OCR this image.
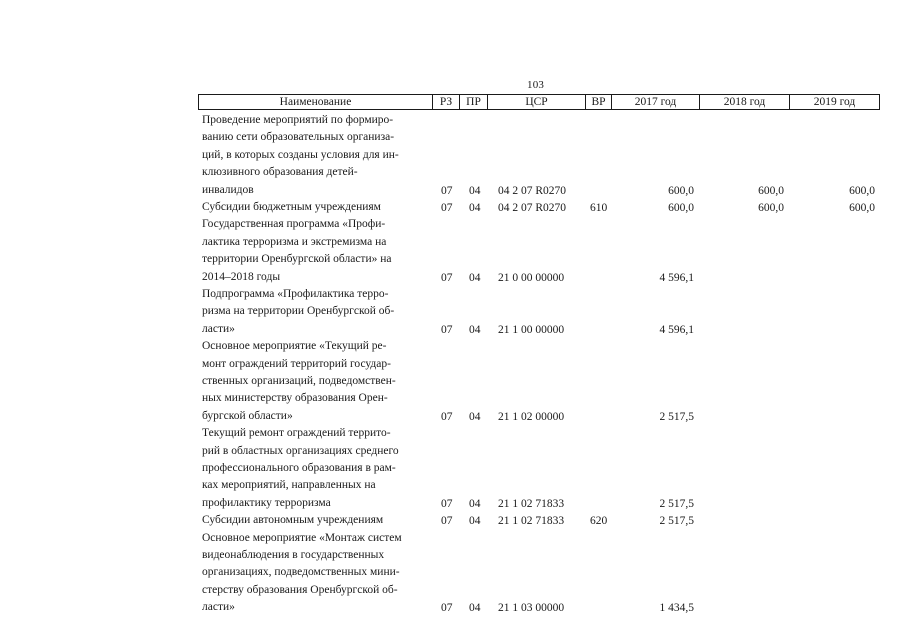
103
Наименование	РЗ	ПР	ЦСР	ВР	2017 год	2018 год	2019 год
Проведение мероприятий по формиро-
ванию сети образовательных организа-
ций, в которых созданы условия для ин-
клюзивного образования детей-
инвалидов	07 04 04 2 07 R0270	600,0	600,0	600,0
Субсидии бюджетным учреждениям	07 04 04 2 07 R0270 610	600,0	600,0	600,0
Государственная программа «Профи-
лактика терроризма и экстремизма на
территории Оренбургской области» на
2014–2018 годы	07 04 21 0 00 00000	4 596,1
Подпрограмма «Профилактика терро-
ризма на территории Оренбургской об-
ласти»	07 04 21 1 00 00000	4 596,1
Основное мероприятие «Текущий ре-
монт ограждений территорий государ-
ственных организаций, подведомствен-
ных министерству образования Орен-
бургской области»	07 04 21 1 02 00000	2 517,5
Текущий ремонт ограждений террито-
рий в областных организациях среднего
профессионального образования в рам-
ках мероприятий, направленных на
профилактику терроризма	07 04 21 1 02 71833	2 517,5
Субсидии автономным учреждениям	07 04 21 1 02 71833 620	2 517,5
Основное мероприятие «Монтаж систем
видеонаблюдения в государственных
организациях, подведомственных мини-
стерству образования Оренбургской об-
ласти»	07 04 21 1 03 00000	1 434,5
